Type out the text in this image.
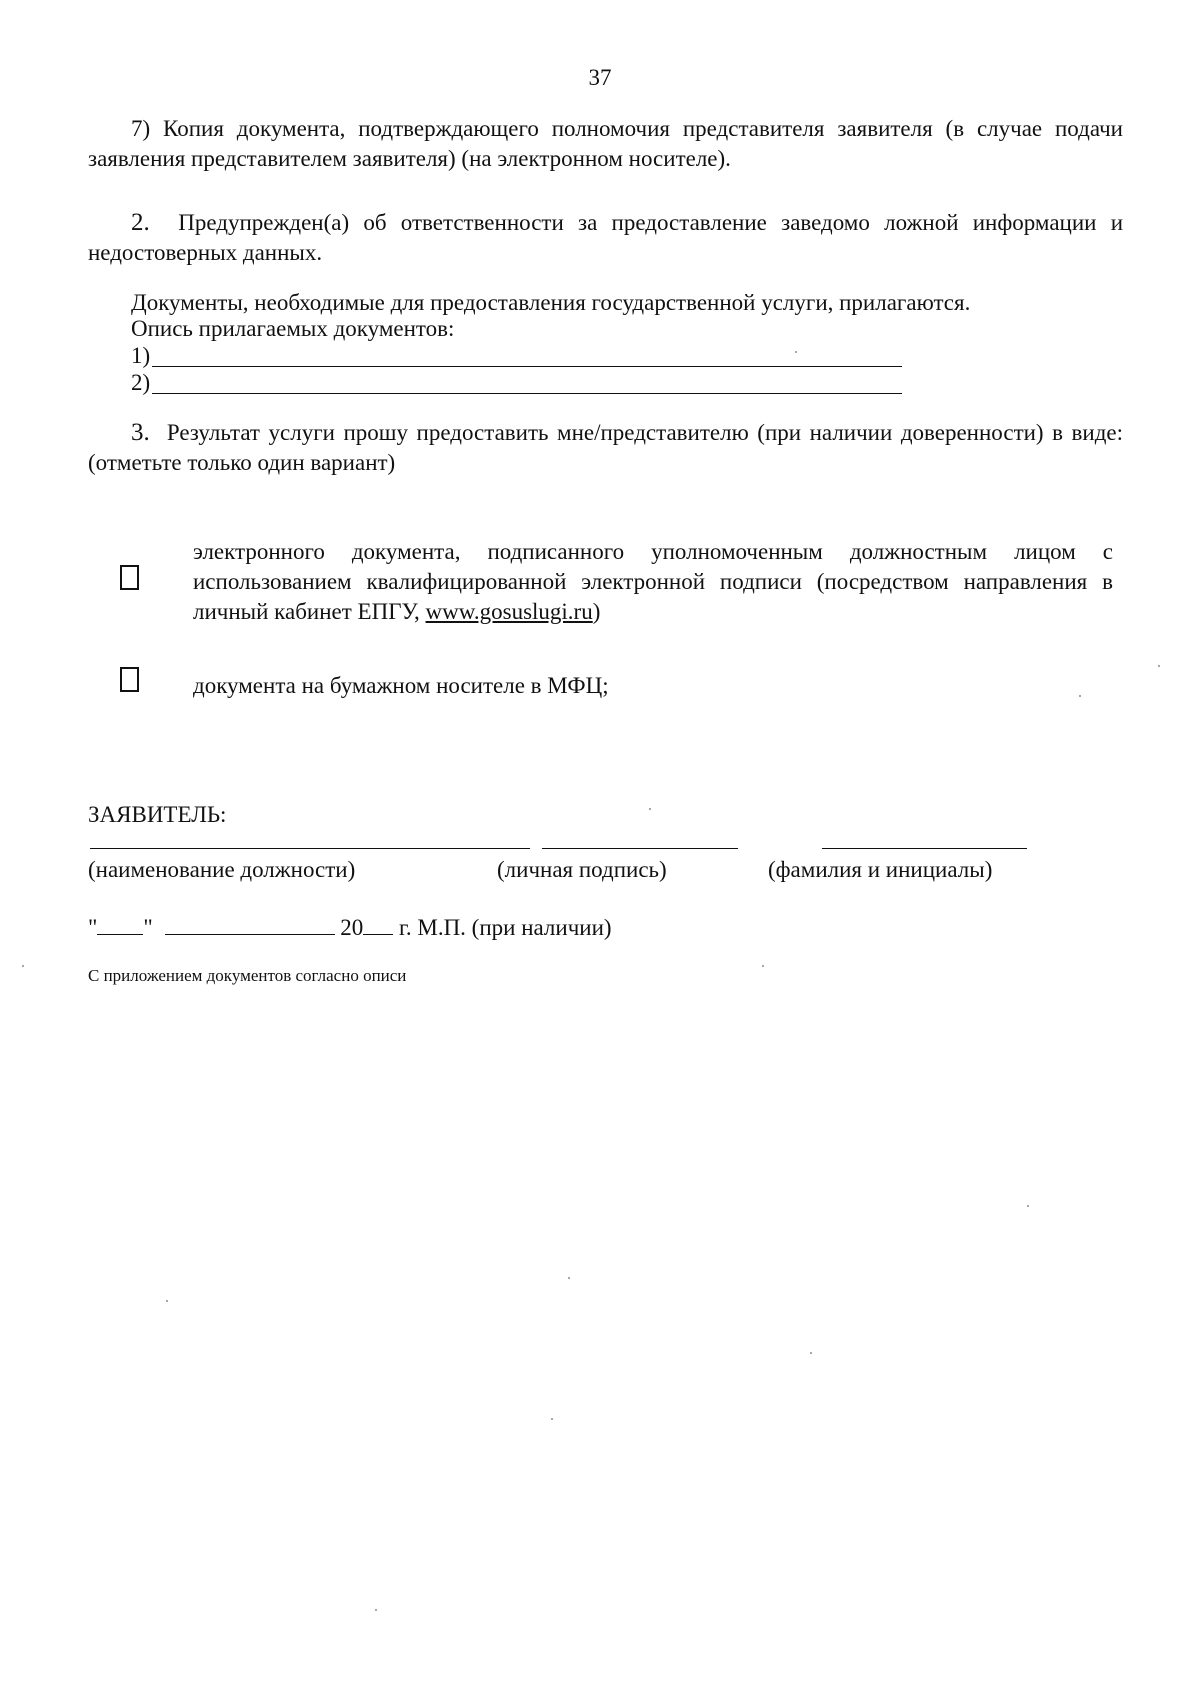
37
7) Копия документа, подтверждающего полномочия представителя заявителя (в случае подачи заявления представителем заявителя) (на электронном носителе).
2. Предупрежден(а) об ответственности за предоставление заведомо ложной информации и недостоверных данных.
Документы, необходимые для предоставления государственной услуги, прилагаются.
Опись прилагаемых документов:
1)
2)
3. Результат услуги прошу предоставить мне/представителю (при наличии доверенности) в виде: (отметьте только один вариант)
электронного документа, подписанного уполномоченным должностным лицом с использованием квалифицированной электронной подписи (посредством направления в личный кабинет ЕПГУ, www.gosuslugi.ru)
документа на бумажном носителе в МФЦ;
ЗАЯВИТЕЛЬ:
(наименование должности)	(личная подпись)	(фамилия и инициалы)
" "	20 г. М.П. (при наличии)
С приложением документов согласно описи
